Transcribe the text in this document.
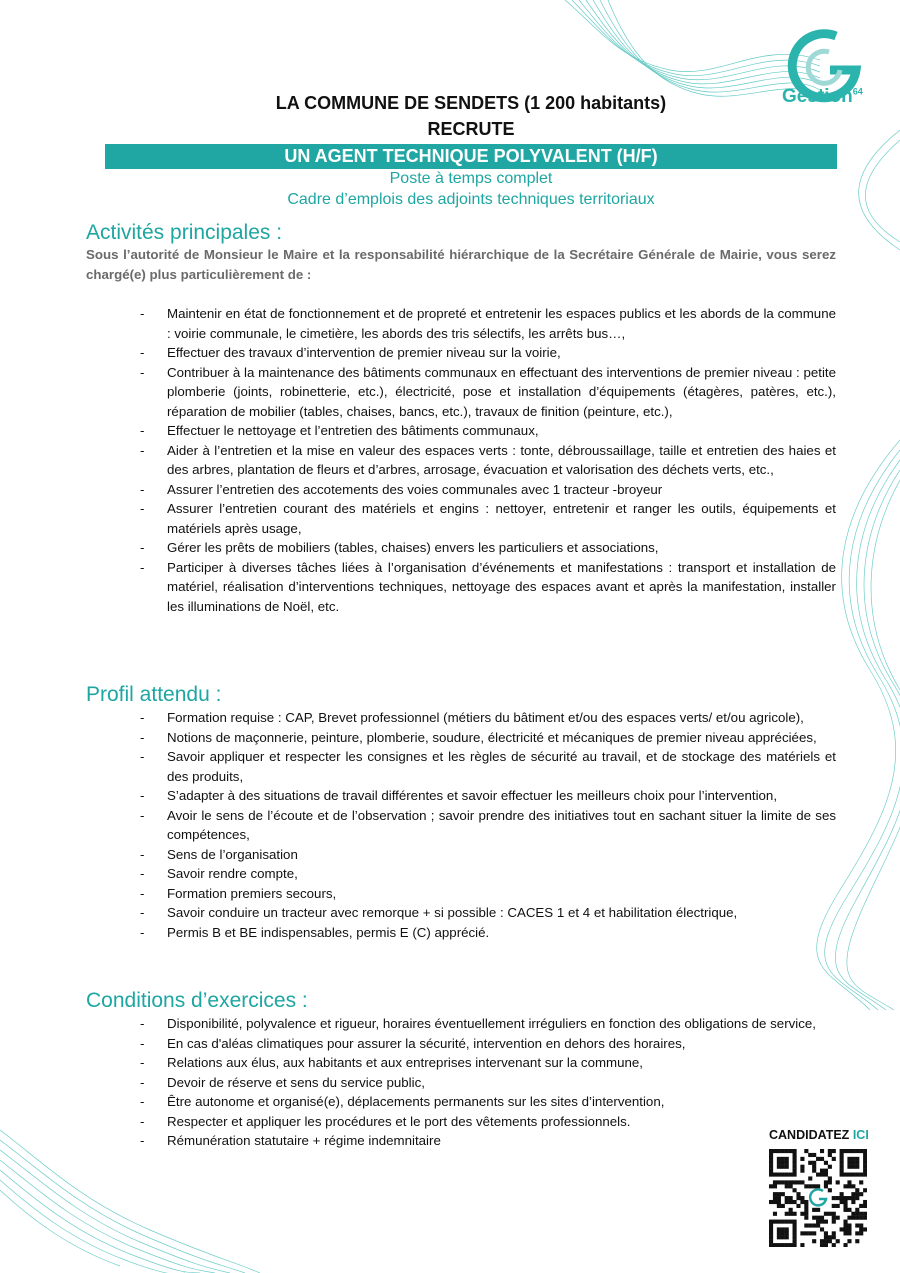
Gestion$^{64}$
LA COMMUNE DE SENDETS (1 200 habitants)
RECRUTE
UN AGENT TECHNIQUE POLYVALENT (H/F)
Poste à temps complet
Cadre d’emplois des adjoints techniques territoriaux
Activités principales :
Sous l’autorité de Monsieur le Maire et la responsabilité hiérarchique de la Secrétaire Générale de Mairie, vous serez chargé(e) plus particulièrement de :
- Maintenir en état de fonctionnement et de propreté et entretenir les espaces publics et les abords de la commune : voirie communale, le cimetière, les abords des tris sélectifs, les arrêts bus…,
- Effectuer des travaux d’intervention de premier niveau sur la voirie,
- Contribuer à la maintenance des bâtiments communaux en effectuant des interventions de premier niveau : petite plomberie (joints, robinetterie, etc.), électricité, pose et installation d’équipements (étagères, patères, etc.), réparation de mobilier (tables, chaises, bancs, etc.), travaux de finition (peinture, etc.),
- Effectuer le nettoyage et l’entretien des bâtiments communaux,
- Aider à l’entretien et la mise en valeur des espaces verts : tonte, débroussaillage, taille et entretien des haies et des arbres, plantation de fleurs et d’arbres, arrosage, évacuation et valorisation des déchets verts, etc.,
- Assurer l’entretien des accotements des voies communales avec 1 tracteur -broyeur
- Assurer l’entretien courant des matériels et engins : nettoyer, entretenir et ranger les outils, équipements et matériels après usage,
- Gérer les prêts de mobiliers (tables, chaises) envers les particuliers et associations,
- Participer à diverses tâches liées à l’organisation d’événements et manifestations : transport et installation de matériel, réalisation d’interventions techniques, nettoyage des espaces avant et après la manifestation, installer les illuminations de Noël, etc.
Profil attendu :
- Formation requise : CAP, Brevet professionnel (métiers du bâtiment et/ou des espaces verts/ et/ou agricole),
- Notions de maçonnerie, peinture, plomberie, soudure, électricité et mécaniques de premier niveau appréciées,
- Savoir appliquer et respecter les consignes et les règles de sécurité au travail, et de stockage des matériels et des produits,
- S’adapter à des situations de travail différentes et savoir effectuer les meilleurs choix pour l’intervention,
- Avoir le sens de l’écoute et de l’observation ; savoir prendre des initiatives tout en sachant situer la limite de ses compétences,
- Sens de l’organisation
- Savoir rendre compte,
- Formation premiers secours,
- Savoir conduire un tracteur avec remorque + si possible : CACES 1 et 4 et habilitation électrique,
- Permis B et BE indispensables, permis E (C) apprécié.
Conditions d’exercices :
- Disponibilité, polyvalence et rigueur, horaires éventuellement irréguliers en fonction des obligations de service,
- En cas d'aléas climatiques pour assurer la sécurité, intervention en dehors des horaires,
- Relations aux élus, aux habitants et aux entreprises intervenant sur la commune,
- Devoir de réserve et sens du service public,
- Être autonome et organisé(e), déplacements permanents sur les sites d’intervention,
- Respecter et appliquer les procédures et le port des vêtements professionnels.
- Rémunération statutaire + régime indemnitaire	CANDIDATEZ ICI
